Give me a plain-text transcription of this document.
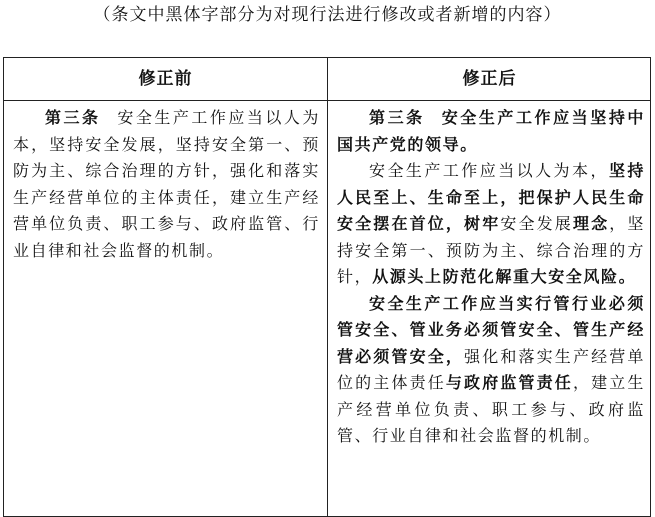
（条文中黑体字部分为对现行法进行修改或者新增的内容）
修正前	修正后

第三条 安全生产工作应当以人为本，坚持安全发展，坚持安全第一、预防为主、综合治理的方针，强化和落实生产经营单位的主体责任，建立生产经营单位负责、职工参与、政府监管、行业自律和社会监督的机制。

第三条 安全生产工作应当坚持中国共产党的领导。

安全生产工作应当以人为本，坚持人民至上、生命至上，把保护人民生命安全摆在首位，树牢安全发展理念，坚持安全第一、预防为主、综合治理的方针，从源头上防范化解重大安全风险。

安全生产工作应当实行管行业必须管安全、管业务必须管安全、管生产经营必须管安全，强化和落实生产经营单位的主体责任与政府监管责任，建立生产经营单位负责、职工参与、政府监管、行业自律和社会监督的机制。
